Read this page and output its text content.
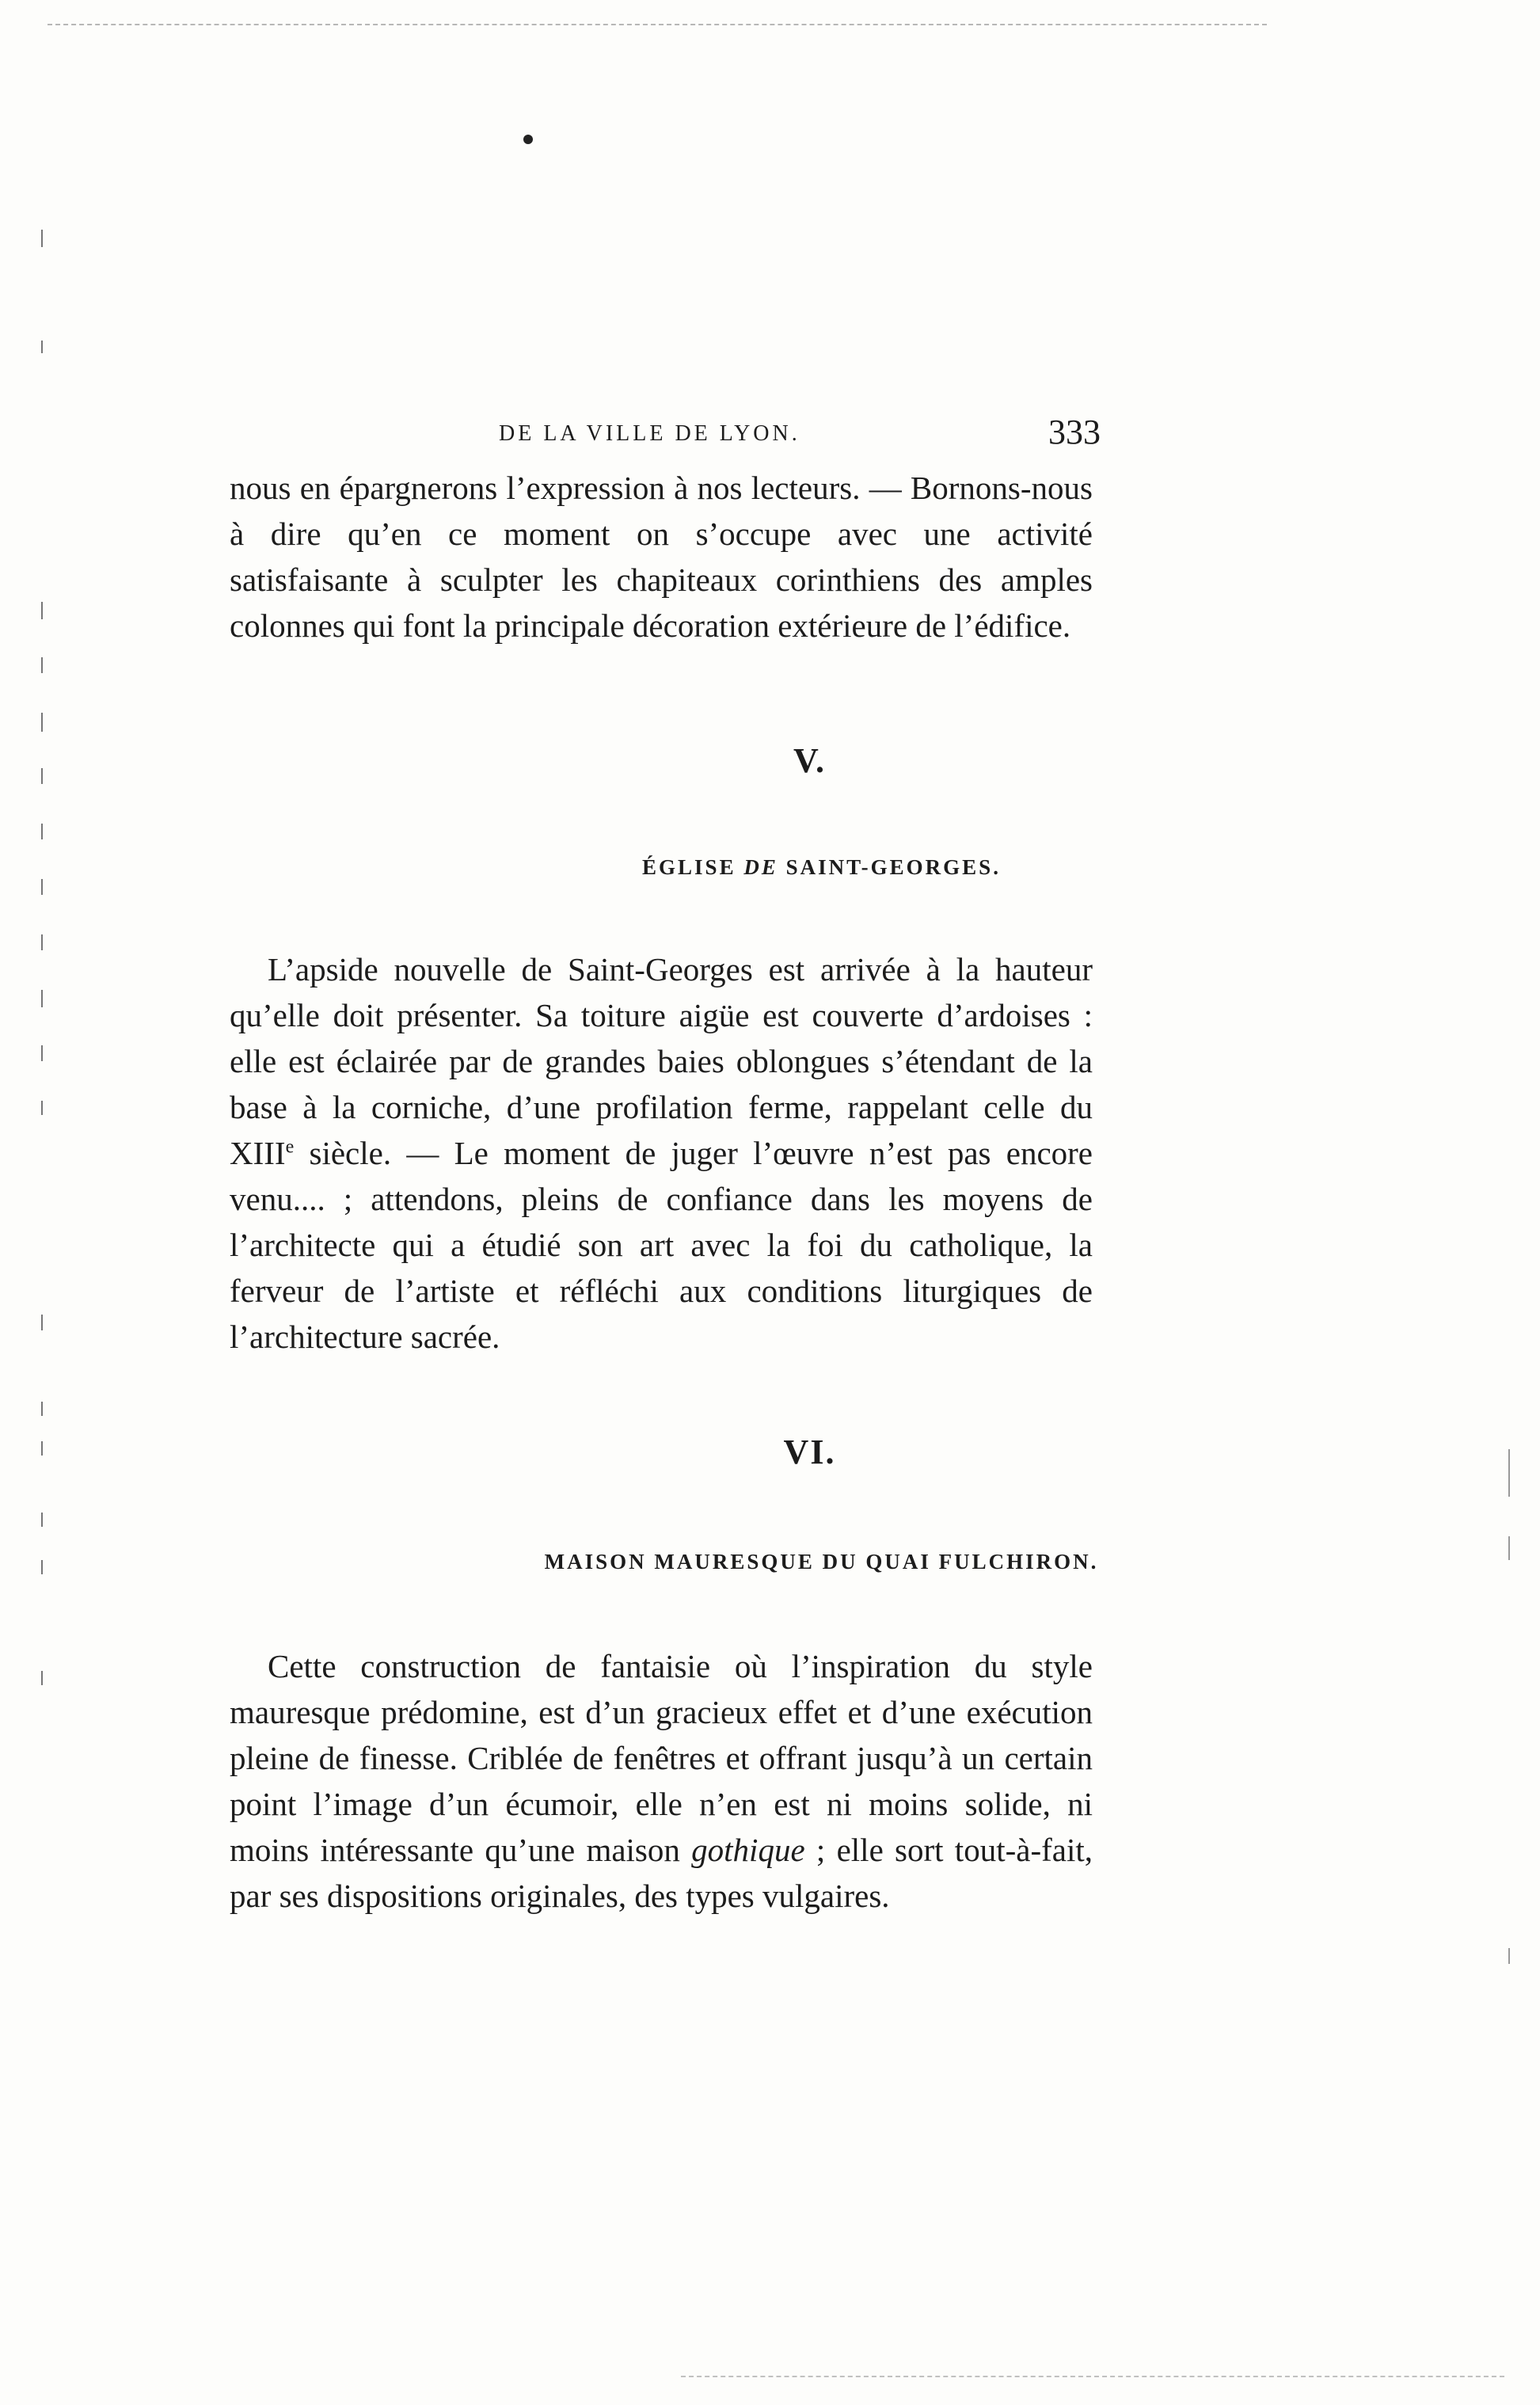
DE LA VILLE DE LYON.	333

nous en épargnerons l’expression à nos lecteurs. — Bornons-nous à dire qu’en ce moment on s’occupe avec une activité satisfaisante à sculpter les chapiteaux corinthiens des amples colonnes qui font la principale décoration extérieure de l’édifice.

V.
ÉGLISE DE SAINT-GEORGES.

L’apside nouvelle de Saint-Georges est arrivée à la hauteur qu’elle doit présenter. Sa toiture aigüe est couverte d’ardoises : elle est éclairée par de grandes baies oblongues s’étendant de la base à la corniche, d’une profilation ferme, rappelant celle du XIIIe siècle. — Le moment de juger l’œuvre n’est pas encore venu.... ; attendons, pleins de confiance dans les moyens de l’architecte qui a étudié son art avec la foi du catholique, la ferveur de l’artiste et réfléchi aux conditions liturgiques de l’architecture sacrée.

VI.
MAISON MAURESQUE DU QUAI FULCHIRON.

Cette construction de fantaisie où l’inspiration du style mauresque prédomine, est d’un gracieux effet et d’une exécution pleine de finesse. Criblée de fenêtres et offrant jusqu’à un certain point l’image d’un écumoir, elle n’en est ni moins solide, ni moins intéressante qu’une maison gothique ; elle sort tout-à-fait, par ses dispositions originales, des types vulgaires.
